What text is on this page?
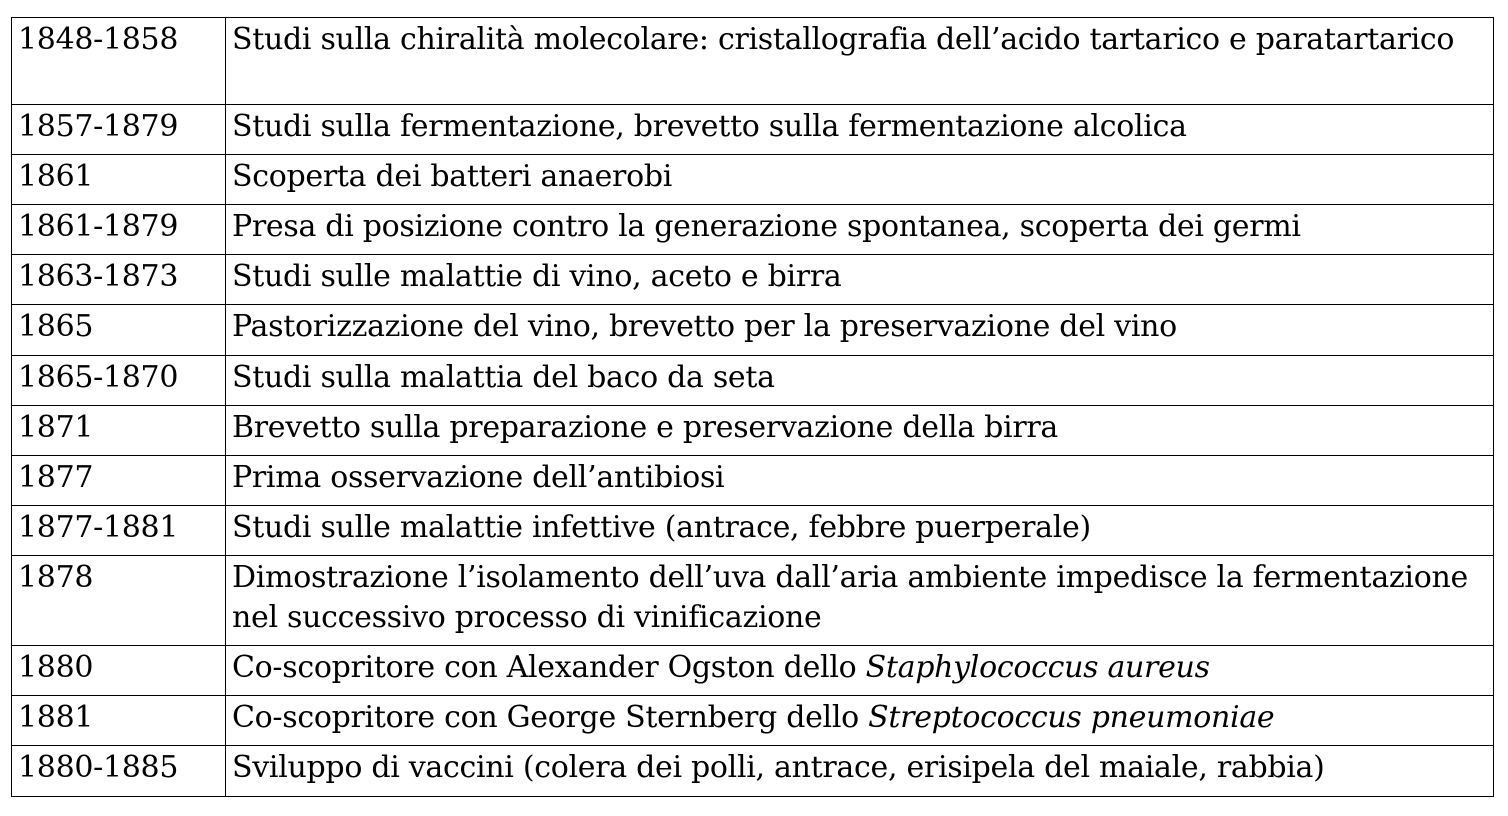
1848-1858	Studi sulla chiralità molecolare: cristallografia dell’acido tartarico e paratartarico
1857-1879	Studi sulla fermentazione, brevetto sulla fermentazione alcolica
1861	Scoperta dei batteri anaerobi
1861-1879	Presa di posizione contro la generazione spontanea, scoperta dei germi
1863-1873	Studi sulle malattie di vino, aceto e birra
1865	Pastorizzazione del vino, brevetto per la preservazione del vino
1865-1870	Studi sulla malattia del baco da seta
1871	Brevetto sulla preparazione e preservazione della birra
1877	Prima osservazione dell’antibiosi
1877-1881	Studi sulle malattie infettive (antrace, febbre puerperale)
1878	Dimostrazione l’isolamento dell’uva dall’aria ambiente impedisce la fermentazione nel successivo processo di vinificazione
1880	Co-scopritore con Alexander Ogston dello Staphylococcus aureus
1881	Co-scopritore con George Sternberg dello Streptococcus pneumoniae
1880-1885	Sviluppo di vaccini (colera dei polli, antrace, erisipela del maiale, rabbia)
